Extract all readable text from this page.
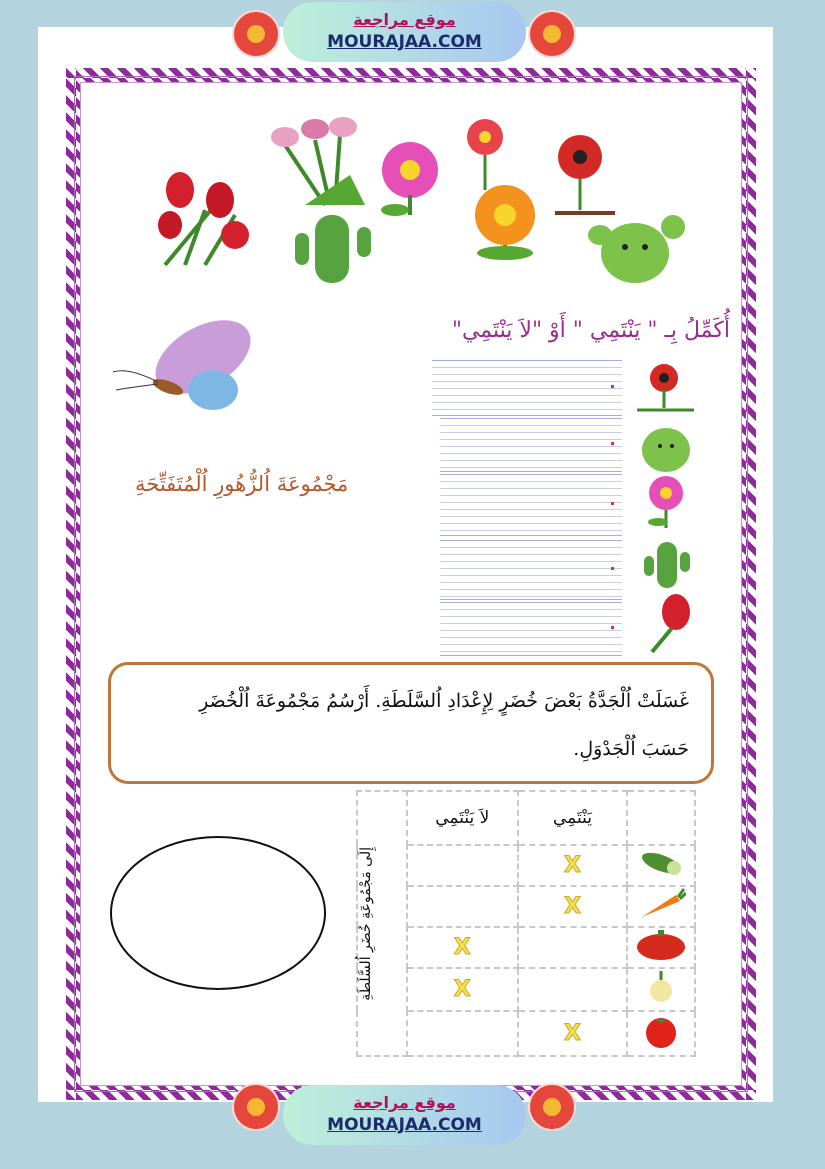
موقع مراجعة
MOURAJAA.COM
أُكَمِّلُ بِـ " يَنْتَمِي " أَوْ "لاَ يَنْتَمِي"
مَجْمُوعَةَ اُلزُّهُورِ اُلْمُتَفَتِّحَةِ
غَسَلَتْ اُلْجَدَّةُ بَعْضَ خُضَرٍ لِإِعْدَادِ اُلسَّلَطَةِ. أَرْسُمُ مَجْمُوعَةَ اُلْخُضَرِ
حَسَبَ اُلْجَدْوَلِ.
إِلَى مَجْمُوعَةِ خُضَرِ اُلسَّلَطَةِ	لاَ يَنْتَمِي	يَنْتَمِي	
		X	
		X	
	X		
	X		
		X	
موقع مراجعة
MOURAJAA.COM
